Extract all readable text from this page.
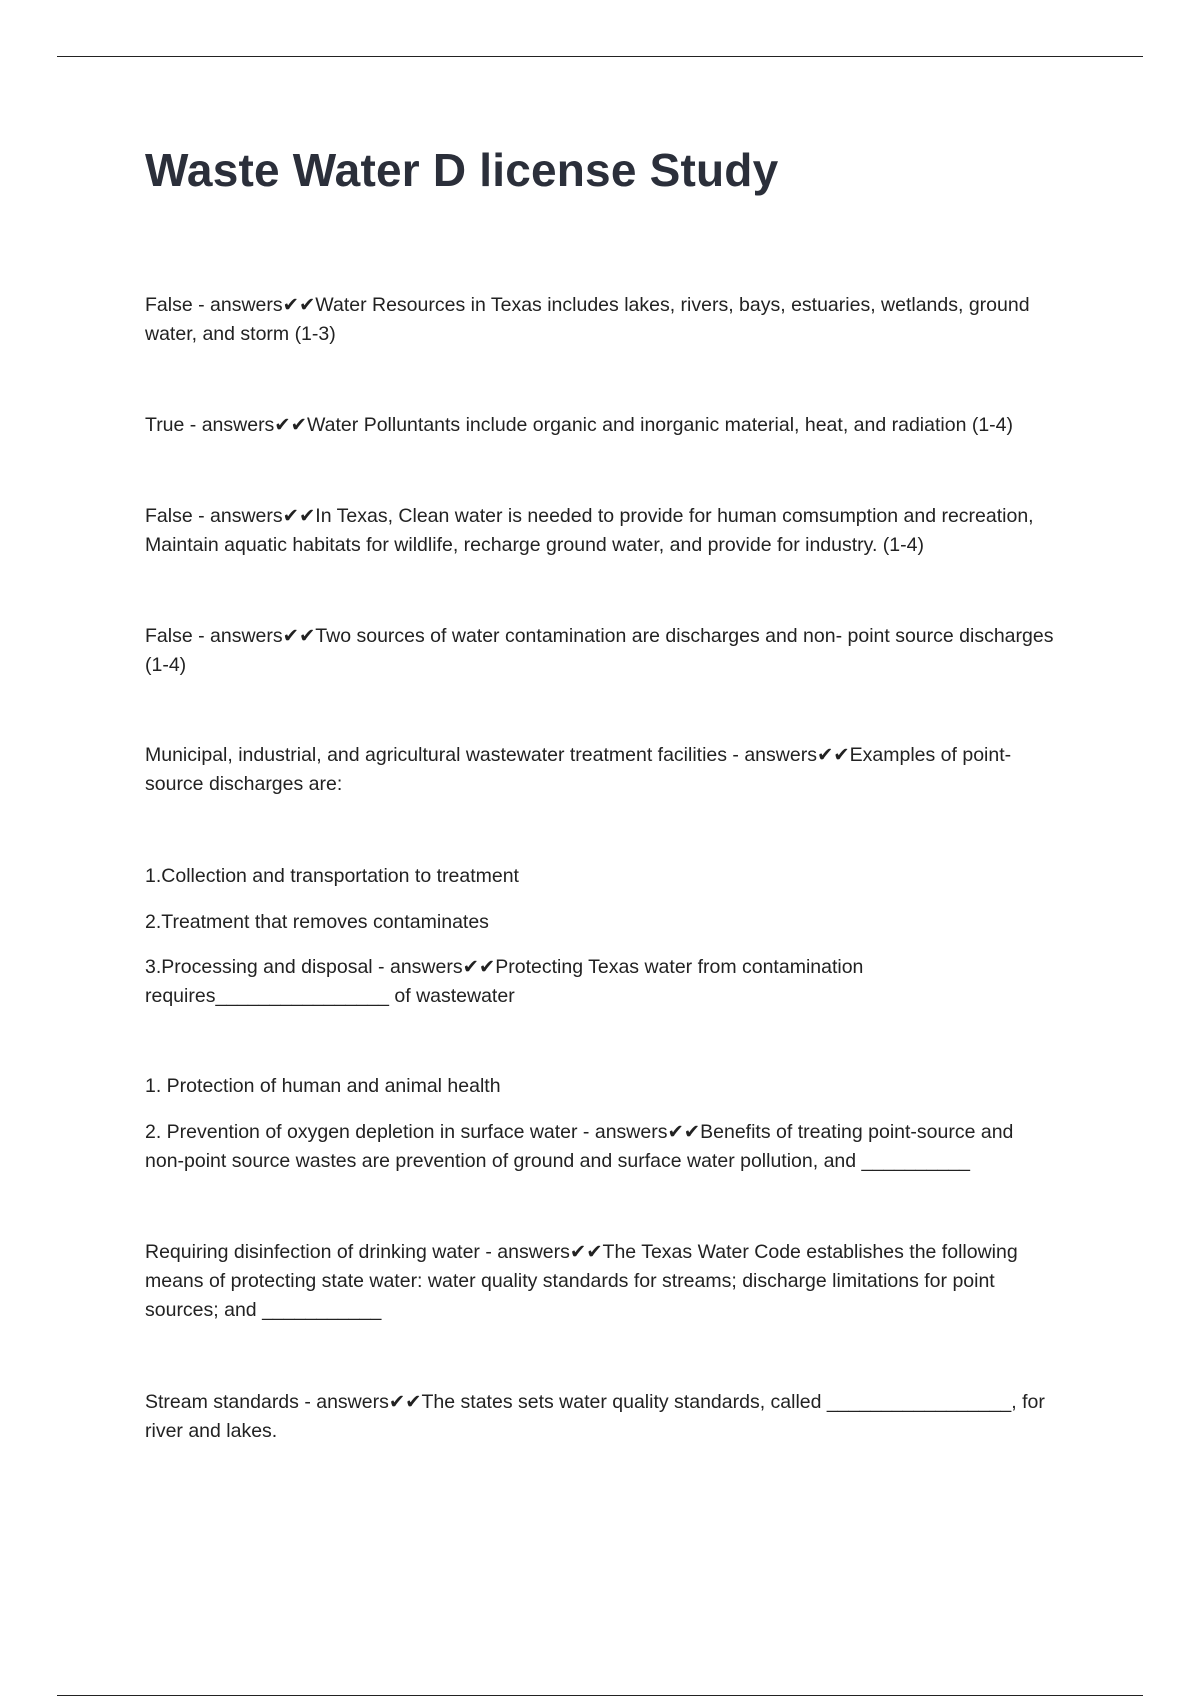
Waste Water D license Study

False - answers✔✔Water Resources in Texas includes lakes, rivers, bays, estuaries, wetlands, ground
water, and storm (1-3)

True - answers✔✔Water Polluntants include organic and inorganic material, heat, and radiation (1-4)

False - answers✔✔In Texas, Clean water is needed to provide for human comsumption and recreation,
Maintain aquatic habitats for wildlife, recharge ground water, and provide for industry. (1-4)

False - answers✔✔Two sources of water contamination are discharges and non- point source discharges
(1-4)

Municipal, industrial, and agricultural wastewater treatment facilities - answers✔✔Examples of point-
source discharges are:

1.Collection and transportation to treatment

2.Treatment that removes contaminates

3.Processing and disposal - answers✔✔Protecting Texas water from contamination
requires________________ of wastewater

1. Protection of human and animal health

2. Prevention of oxygen depletion in surface water - answers✔✔Benefits of treating point-source and
non-point source wastes are prevention of ground and surface water pollution, and __________

Requiring disinfection of drinking water - answers✔✔The Texas Water Code establishes the following
means of protecting state water: water quality standards for streams; discharge limitations for point
sources; and ___________

Stream standards - answers✔✔The states sets water quality standards, called _________________, for
river and lakes.
